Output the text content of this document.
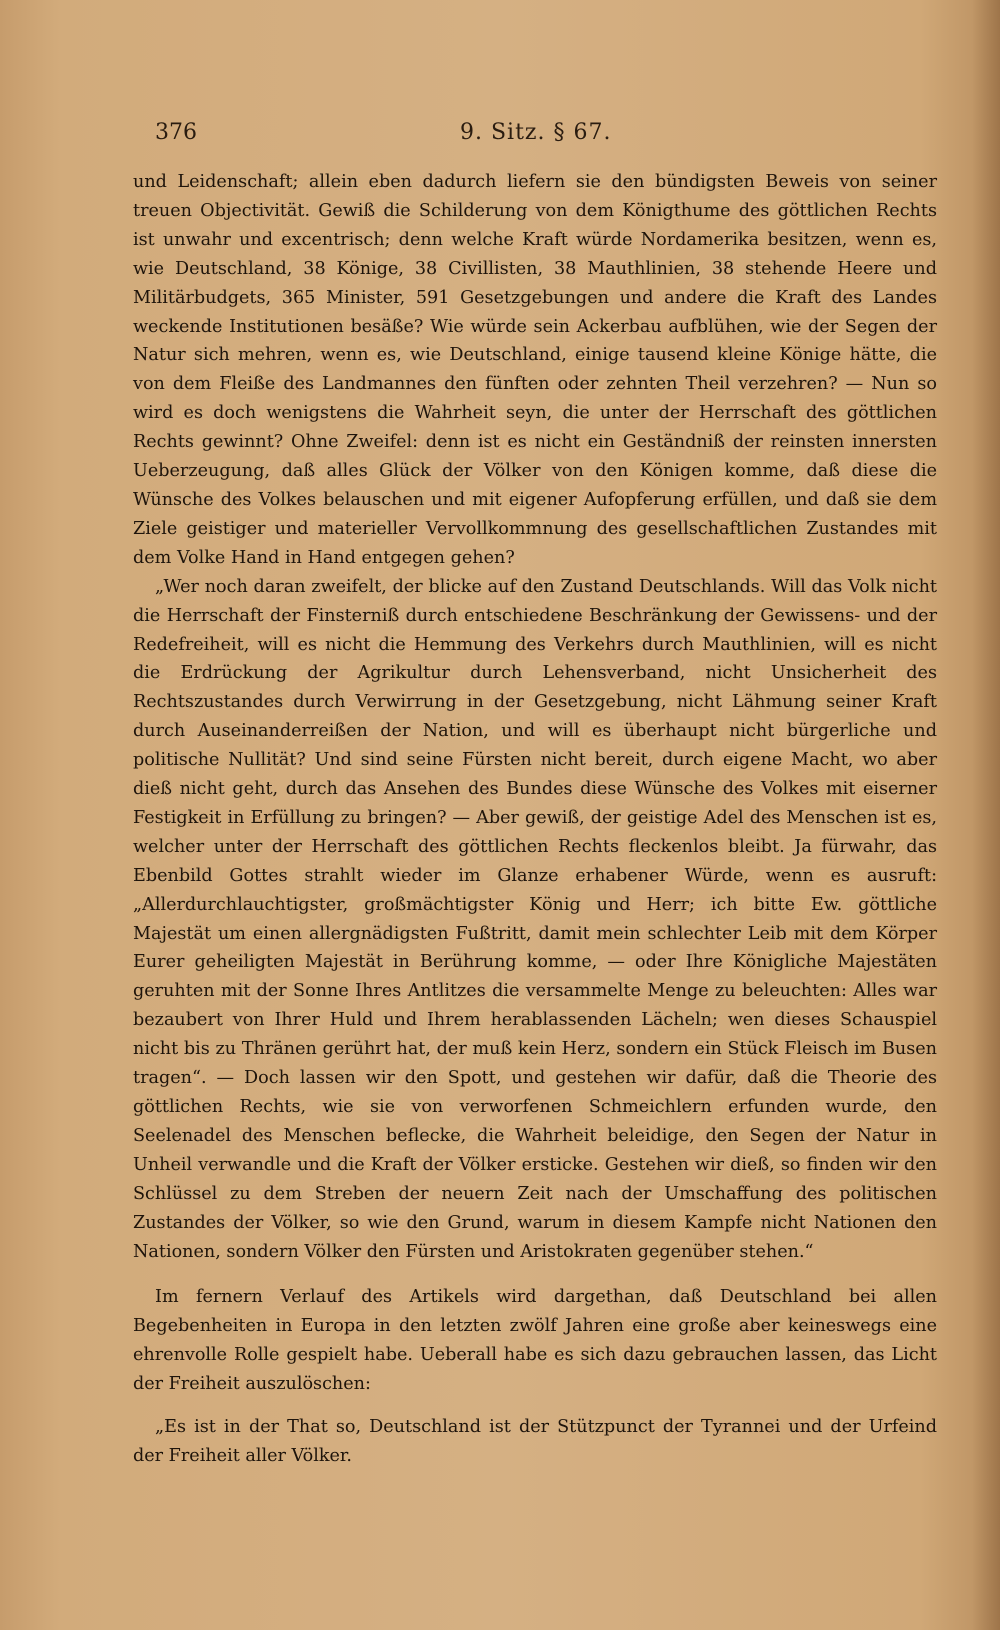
376	9. Sitz. § 67.

und Leidenschaft; allein eben dadurch liefern sie den bündigsten Beweis von seiner treuen Objectivität. Gewiß die Schilderung von dem Königthume des göttlichen Rechts ist unwahr und excentrisch; denn welche Kraft würde Nordamerika besitzen, wenn es, wie Deutschland, 38 Könige, 38 Civillisten, 38 Mauthlinien, 38 stehende Heere und Militärbudgets, 365 Minister, 591 Gesetzgebungen und andere die Kraft des Landes weckende Institutionen besäße? Wie würde sein Ackerbau aufblühen, wie der Segen der Natur sich mehren, wenn es, wie Deutschland, einige tausend kleine Könige hätte, die von dem Fleiße des Landmannes den fünften oder zehnten Theil verzehren? — Nun so wird es doch wenigstens die Wahrheit seyn, die unter der Herrschaft des göttlichen Rechts gewinnt? Ohne Zweifel: denn ist es nicht ein Geständniß der reinsten innersten Ueberzeugung, daß alles Glück der Völker von den Königen komme, daß diese die Wünsche des Volkes belauschen und mit eigener Aufopferung erfüllen, und daß sie dem Ziele geistiger und materieller Vervollkommnung des gesellschaftlichen Zustandes mit dem Volke Hand in Hand entgegen gehen?

„Wer noch daran zweifelt, der blicke auf den Zustand Deutschlands. Will das Volk nicht die Herrschaft der Finsterniß durch entschiedene Beschränkung der Gewissens- und der Redefreiheit, will es nicht die Hemmung des Verkehrs durch Mauthlinien, will es nicht die Erdrückung der Agrikultur durch Lehensverband, nicht Unsicherheit des Rechtszustandes durch Verwirrung in der Gesetzgebung, nicht Lähmung seiner Kraft durch Auseinanderreißen der Nation, und will es überhaupt nicht bürgerliche und politische Nullität? Und sind seine Fürsten nicht bereit, durch eigene Macht, wo aber dieß nicht geht, durch das Ansehen des Bundes diese Wünsche des Volkes mit eiserner Festigkeit in Erfüllung zu bringen? — Aber gewiß, der geistige Adel des Menschen ist es, welcher unter der Herrschaft des göttlichen Rechts fleckenlos bleibt. Ja fürwahr, das Ebenbild Gottes strahlt wieder im Glanze erhabener Würde, wenn es ausruft: „Allerdurchlauchtigster, großmächtigster König und Herr; ich bitte Ew. göttliche Majestät um einen allergnädigsten Fußtritt, damit mein schlechter Leib mit dem Körper Eurer geheiligten Majestät in Berührung komme, — oder Ihre Königliche Majestäten geruhten mit der Sonne Ihres Antlitzes die versammelte Menge zu beleuchten: Alles war bezaubert von Ihrer Huld und Ihrem herablassenden Lächeln; wen dieses Schauspiel nicht bis zu Thränen gerührt hat, der muß kein Herz, sondern ein Stück Fleisch im Busen tragen“. — Doch lassen wir den Spott, und gestehen wir dafür, daß die Theorie des göttlichen Rechts, wie sie von verworfenen Schmeichlern erfunden wurde, den Seelenadel des Menschen beflecke, die Wahrheit beleidige, den Segen der Natur in Unheil verwandle und die Kraft der Völker ersticke. Gestehen wir dieß, so finden wir den Schlüssel zu dem Streben der neuern Zeit nach der Umschaffung des politischen Zustandes der Völker, so wie den Grund, warum in diesem Kampfe nicht Nationen den Nationen, sondern Völker den Fürsten und Aristokraten gegenüber stehen.“

Im fernern Verlauf des Artikels wird dargethan, daß Deutschland bei allen Begebenheiten in Europa in den letzten zwölf Jahren eine große aber keineswegs eine ehrenvolle Rolle gespielt habe. Ueberall habe es sich dazu gebrauchen lassen, das Licht der Freiheit auszulöschen:

„Es ist in der That so, Deutschland ist der Stützpunct der Tyrannei und der Urfeind der Freiheit aller Völker.
